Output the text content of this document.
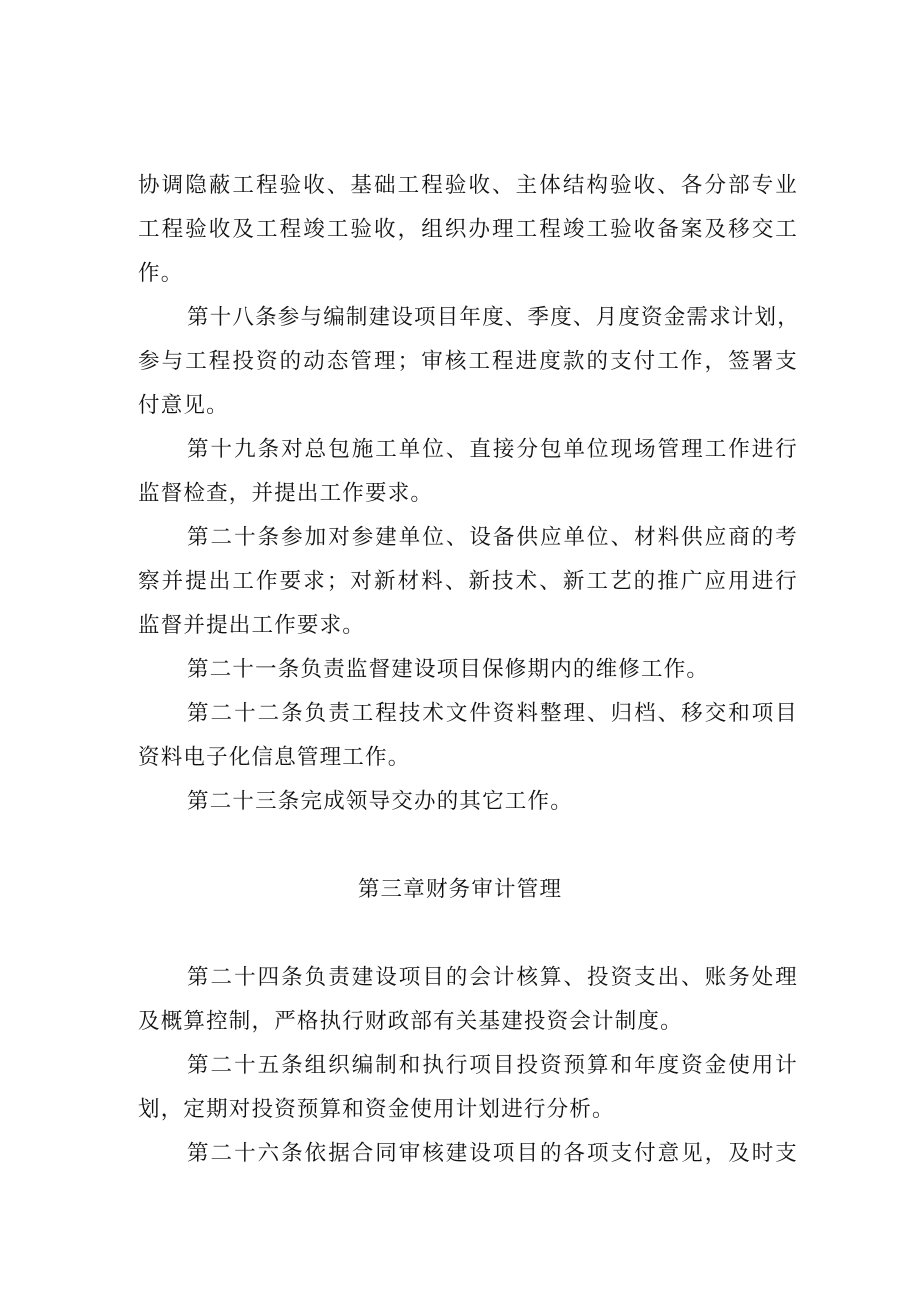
协调隐蔽工程验收、基础工程验收、主体结构验收、各分部专业
工程验收及工程竣工验收，组织办理工程竣工验收备案及移交工
作。
第十八条参与编制建设项目年度、季度、月度资金需求计划，
参与工程投资的动态管理；审核工程进度款的支付工作，签署支
付意见。
第十九条对总包施工单位、直接分包单位现场管理工作进行
监督检查，并提出工作要求。
第二十条参加对参建单位、设备供应单位、材料供应商的考
察并提出工作要求；对新材料、新技术、新工艺的推广应用进行
监督并提出工作要求。
第二十一条负责监督建设项目保修期内的维修工作。
第二十二条负责工程技术文件资料整理、归档、移交和项目
资料电子化信息管理工作。
第二十三条完成领导交办的其它工作。
第三章财务审计管理
第二十四条负责建设项目的会计核算、投资支出、账务处理
及概算控制，严格执行财政部有关基建投资会计制度。
第二十五条组织编制和执行项目投资预算和年度资金使用计
划，定期对投资预算和资金使用计划进行分析。
第二十六条依据合同审核建设项目的各项支付意见，及时支
